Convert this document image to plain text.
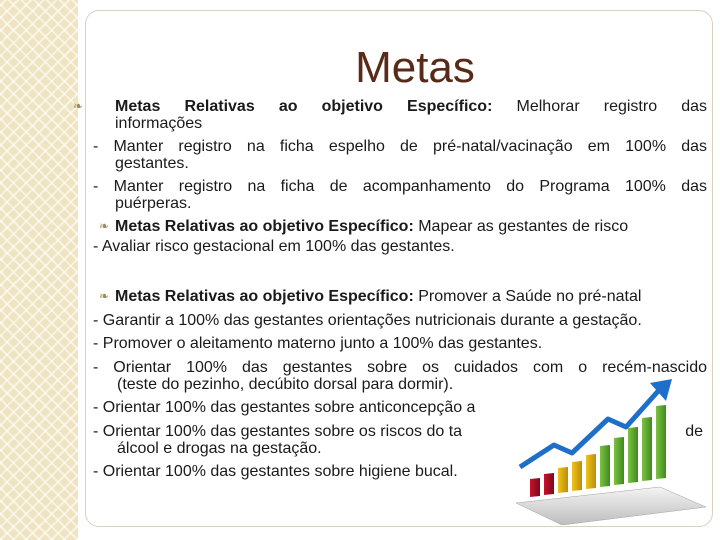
Metas
❧	Metas Relativas ao objetivo Específico: Melhorar registro das
informações
- Manter registro na ficha espelho de pré-natal/vacinação em 100% das
gestantes.
- Manter registro na ficha de acompanhamento do Programa 100% das
puérperas.
❧ Metas Relativas ao objetivo Específico: Mapear as gestantes de risco
- Avaliar risco gestacional em 100% das gestantes.
❧ Metas Relativas ao objetivo Específico: Promover a Saúde no pré-natal
- Garantir a 100% das gestantes orientações nutricionais durante a gestação.
- Promover o aleitamento materno junto a 100% das gestantes.
- Orientar 100% das gestantes sobre os cuidados com o recém-nascido
(teste do pezinho, decúbito dorsal para dormir).
- Orientar 100% das gestantes sobre anticoncepção a
- Orientar 100% das gestantes sobre os riscos do ta	de
álcool e drogas na gestação.
- Orientar 100% das gestantes sobre higiene bucal.
